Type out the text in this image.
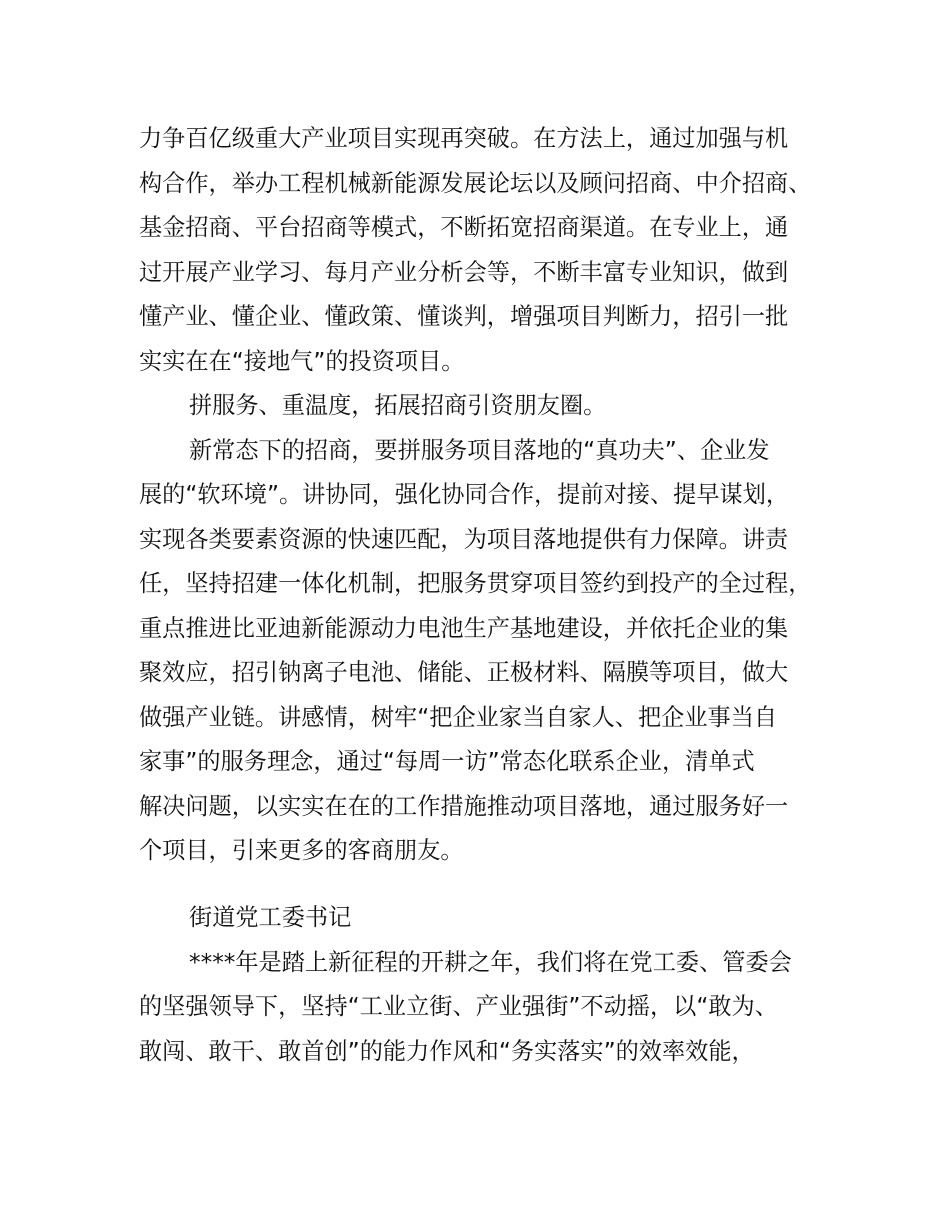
力争百亿级重大产业项目实现再突破。在方法上，通过加强与机
构合作，举办工程机械新能源发展论坛以及顾问招商、中介招商、
基金招商、平台招商等模式，不断拓宽招商渠道。在专业上，通
过开展产业学习、每月产业分析会等，不断丰富专业知识，做到
懂产业、懂企业、懂政策、懂谈判，增强项目判断力，招引一批
实实在在“接地气”的投资项目。
拼服务、重温度，拓展招商引资朋友圈。
新常态下的招商，要拼服务项目落地的“真功夫”、企业发
展的“软环境”。讲协同，强化协同合作，提前对接、提早谋划，
实现各类要素资源的快速匹配，为项目落地提供有力保障。讲责
任，坚持招建一体化机制，把服务贯穿项目签约到投产的全过程，
重点推进比亚迪新能源动力电池生产基地建设，并依托企业的集
聚效应，招引钠离子电池、储能、正极材料、隔膜等项目，做大
做强产业链。讲感情，树牢“把企业家当自家人、把企业事当自
家事”的服务理念，通过“每周一访”常态化联系企业，清单式
解决问题，以实实在在的工作措施推动项目落地，通过服务好一
个项目，引来更多的客商朋友。
街道党工委书记
****年是踏上新征程的开耕之年，我们将在党工委、管委会
的坚强领导下，坚持“工业立街、产业强街”不动摇，以“敢为、
敢闯、敢干、敢首创”的能力作风和“务实落实”的效率效能，
